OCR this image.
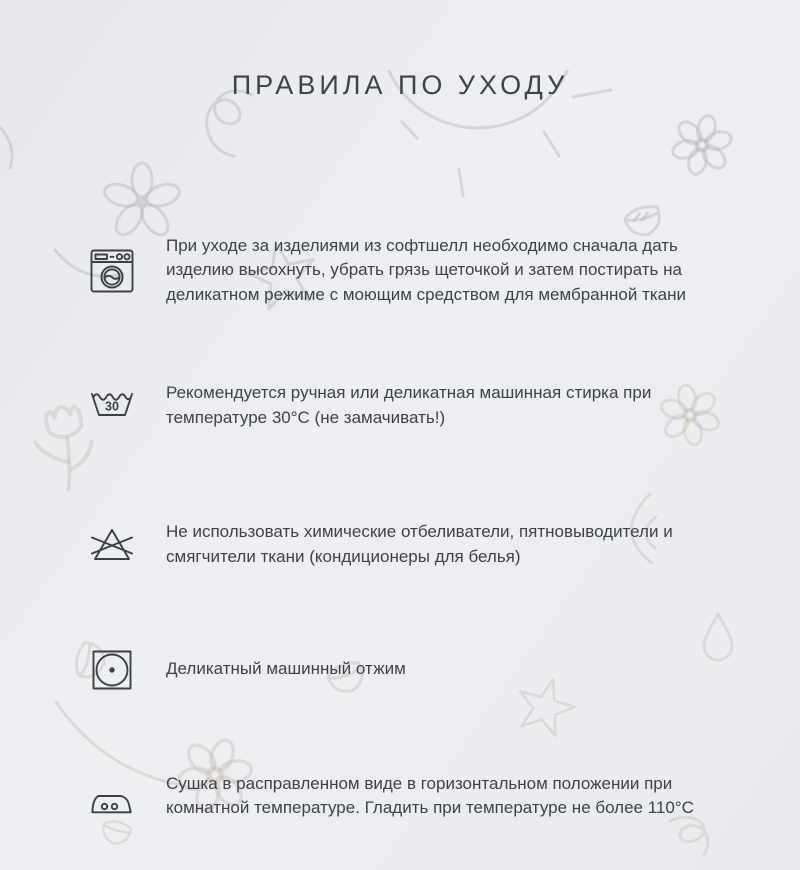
ПРАВИЛА ПО УХОДУ

При уходе за изделиями из софтшелл необходимо сначала дать изделию высохнуть, убрать грязь щеточкой и затем постирать на деликатном режиме с моющим средством для мембранной ткани

30

Рекомендуется ручная или деликатная машинная стирка при температуре 30°С (не замачивать!)

Не использовать химические отбеливатели, пятновыводители и смягчители ткани (кондиционеры для белья)

Деликатный машинный отжим

Сушка в расправленном виде в горизонтальном положении при комнатной температуре. Гладить при температуре не более 110°С
